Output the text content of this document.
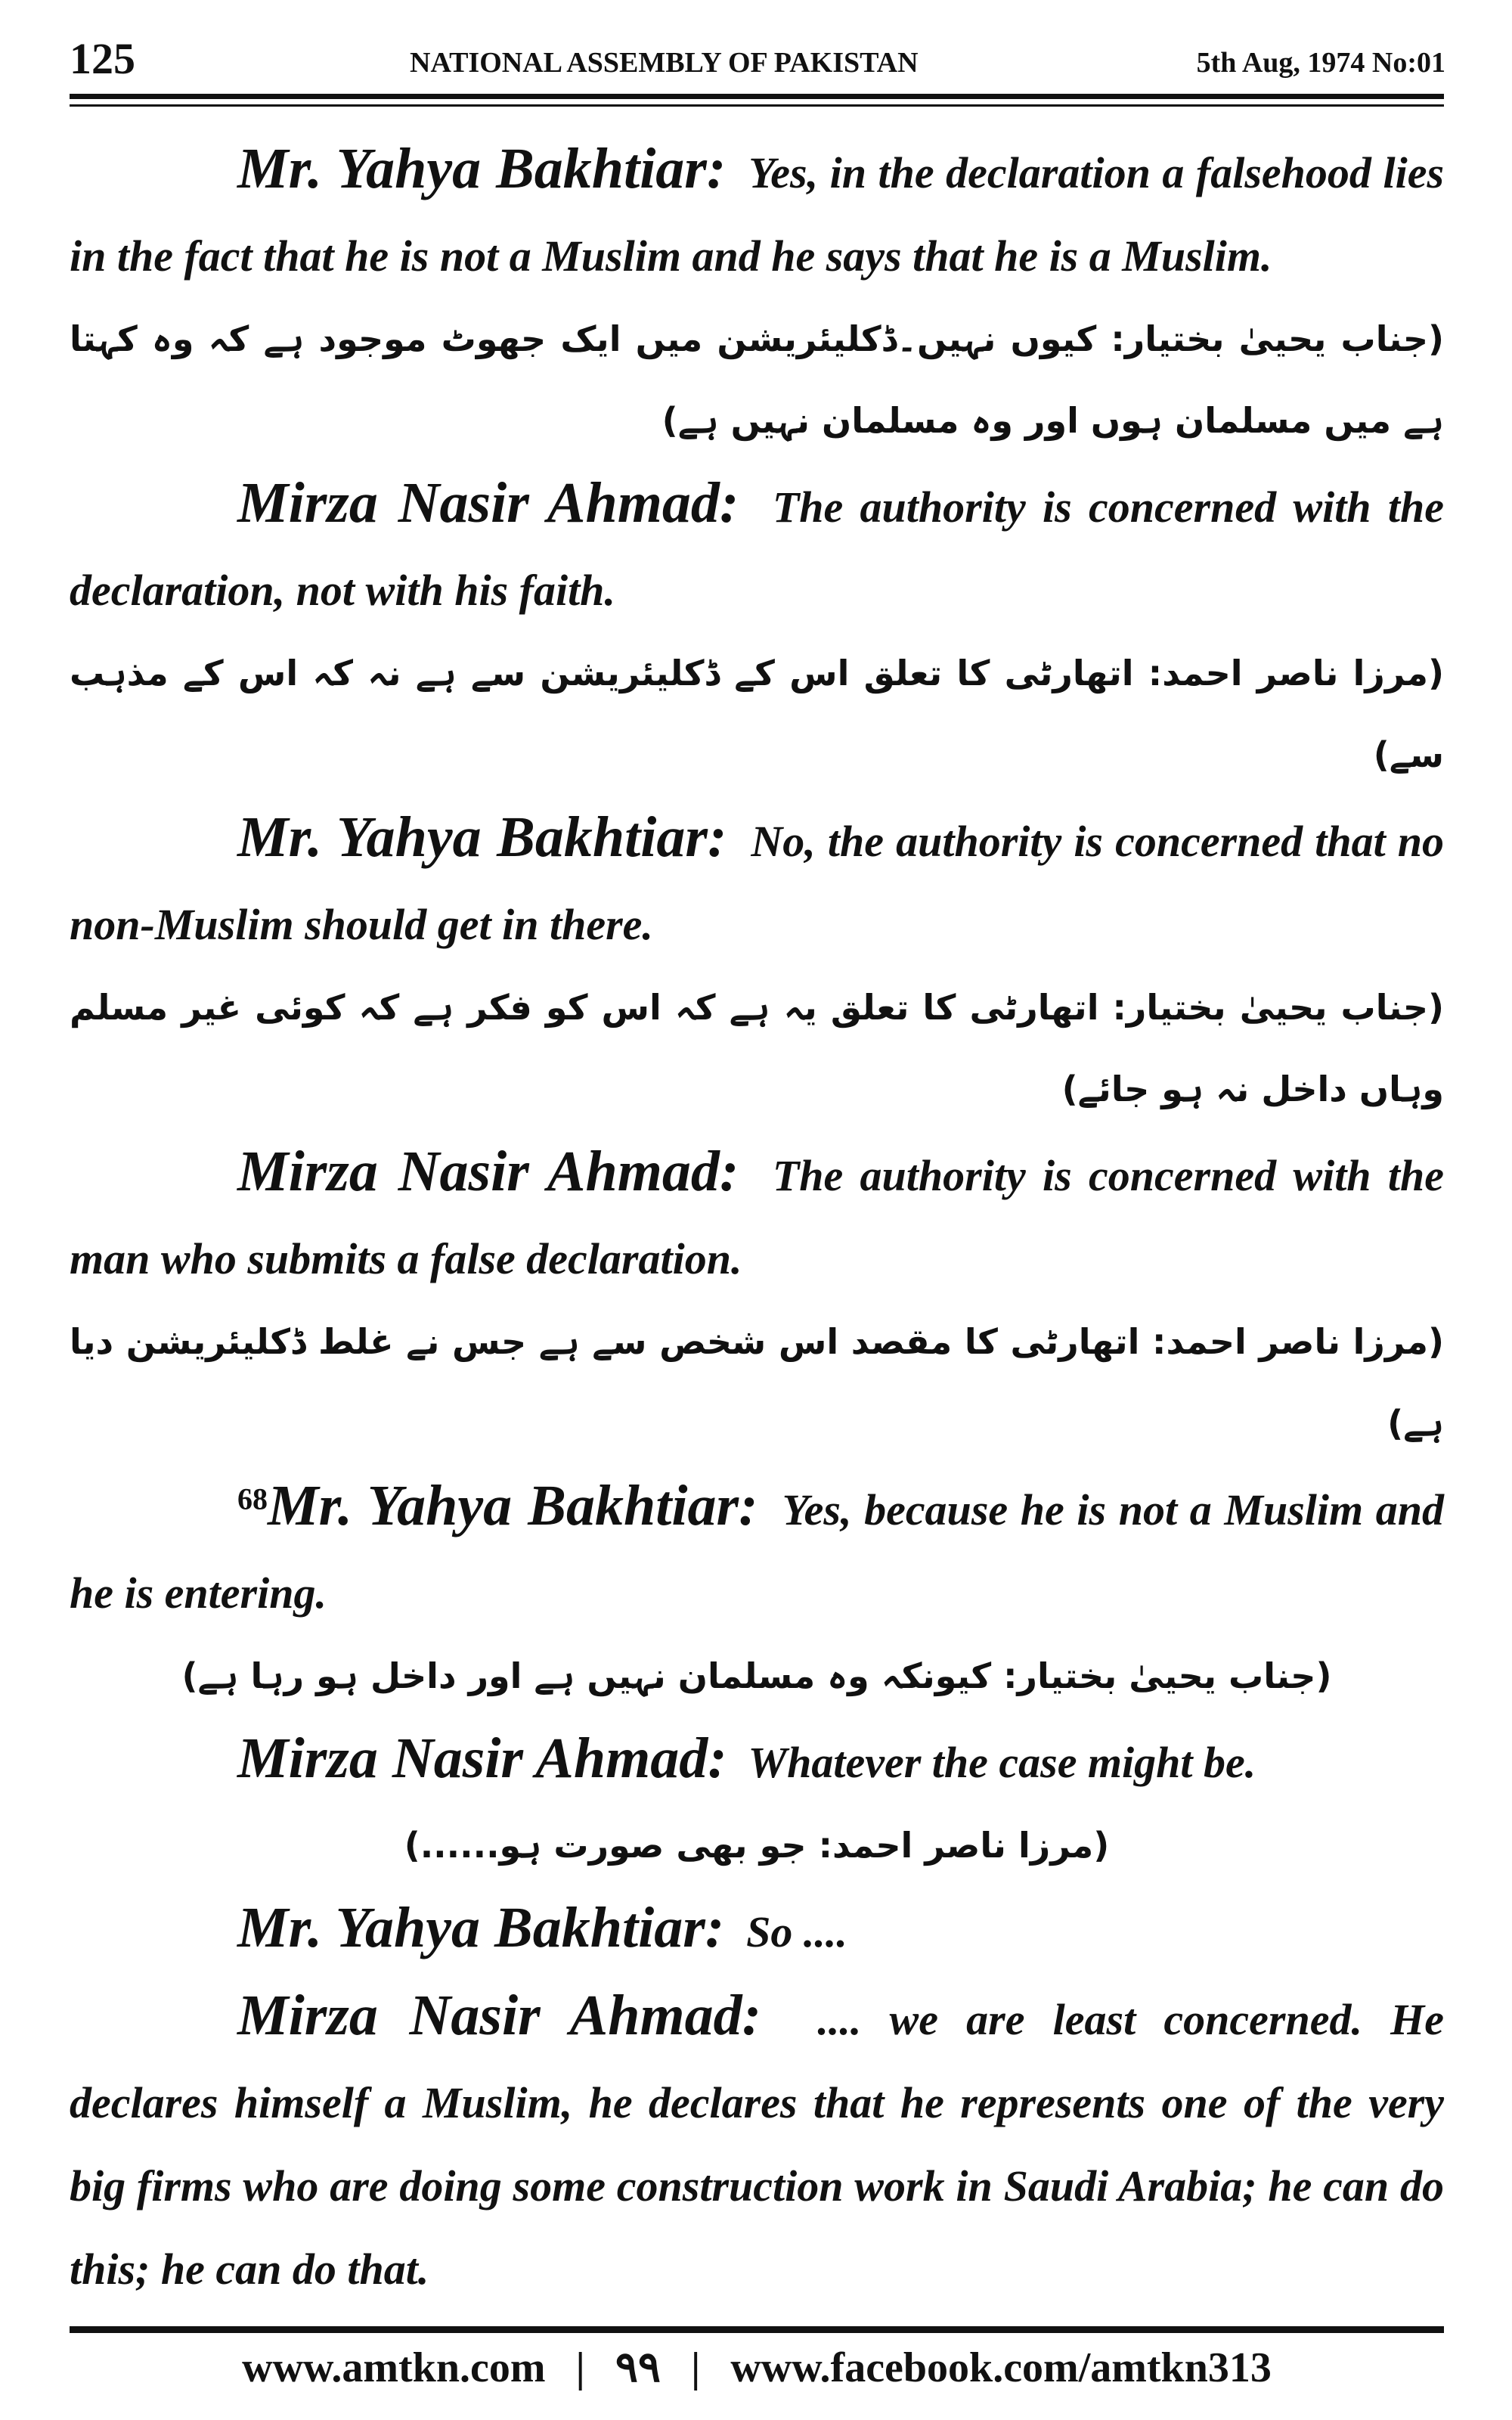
125	NATIONAL ASSEMBLY OF PAKISTAN	5th Aug, 1974 No:01

Mr. Yahya Bakhtiar: Yes, in the declaration a falsehood lies in the fact that he is not a Muslim and he says that he is a Muslim.

(جناب یحییٰ بختیار: کیوں نہیں۔ڈکلیئریشن میں ایک جھوٹ موجود ہے کہ وہ کہتا ہے میں مسلمان ہوں اور وہ مسلمان نہیں ہے)

Mirza Nasir Ahmad: The authority is concerned with the declaration, not with his faith.

(مرزا ناصر احمد: اتھارٹی کا تعلق اس کے ڈکلیئریشن سے ہے نہ کہ اس کے مذہب سے)

Mr. Yahya Bakhtiar: No, the authority is concerned that no non-Muslim should get in there.

(جناب یحییٰ بختیار: اتھارٹی کا تعلق یہ ہے کہ اس کو فکر ہے کہ کوئی غیر مسلم وہاں داخل نہ ہو جائے)

Mirza Nasir Ahmad: The authority is concerned with the man who submits a false declaration.

(مرزا ناصر احمد: اتھارٹی کا مقصد اس شخص سے ہے جس نے غلط ڈکلیئریشن دیا ہے)

$^{68}$Mr. Yahya Bakhtiar: Yes, because he is not a Muslim and he is entering.

(جناب یحییٰ بختیار: کیونکہ وہ مسلمان نہیں ہے اور داخل ہو رہا ہے)

Mirza Nasir Ahmad: Whatever the case might be.

(مرزا ناصر احمد: جو بھی صورت ہو......)

Mr. Yahya Bakhtiar: So ....

Mirza Nasir Ahmad: .... we are least concerned. He declares himself a Muslim, he declares that he represents one of the very big firms who are doing some construction work in Saudi Arabia; he can do this; he can do that.

www.amtkn.com | ۹۹ | www.facebook.com/amtkn313
